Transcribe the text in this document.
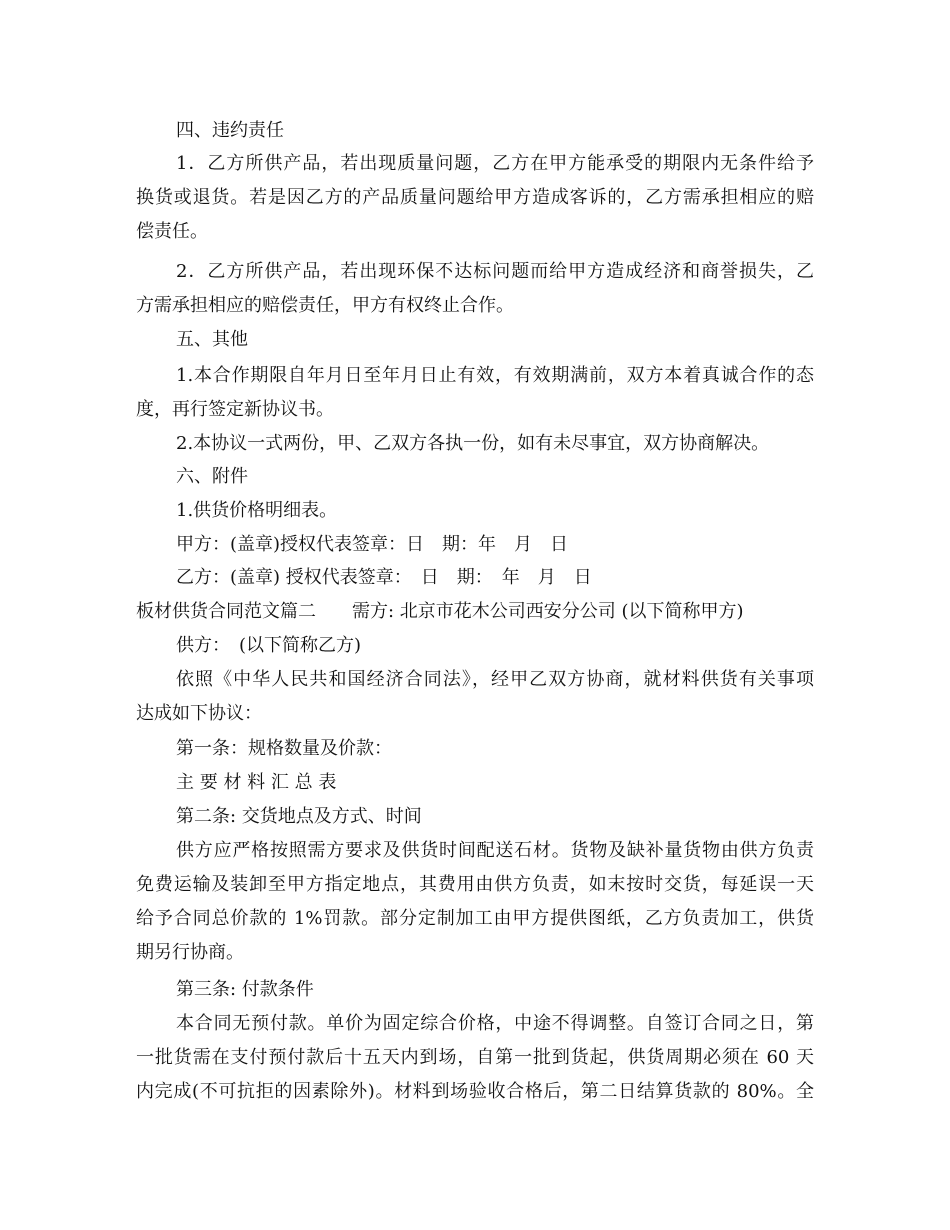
四、违约责任
1．乙方所供产品，若出现质量问题，乙方在甲方能承受的期限内无条件给予
换货或退货。若是因乙方的产品质量问题给甲方造成客诉的，乙方需承担相应的赔
偿责任。
2．乙方所供产品，若出现环保不达标问题而给甲方造成经济和商誉损失，乙
方需承担相应的赔偿责任，甲方有权终止合作。
五、其他
1.本合作期限自年月日至年月日止有效，有效期满前，双方本着真诚合作的态
度，再行签定新协议书。
2.本协议一式两份，甲、乙双方各执一份，如有未尽事宜，双方协商解决。
六、附件
1.供货价格明细表。
甲方：(盖章)授权代表签章：日　期：年　月　日
乙方：(盖章) 授权代表签章：　日　期：　年　月　日
板材供货合同范文篇二　　需方: 北京市花木公司西安分公司 (以下简称甲方)
供方：　(以下简称乙方)
依照《中华人民共和国经济合同法》，经甲乙双方协商，就材料供货有关事项
达成如下协议：
第一条：规格数量及价款：
主 要 材 料 汇 总 表
第二条: 交货地点及方式、时间
供方应严格按照需方要求及供货时间配送石材。货物及缺补量货物由供方负责
免费运输及装卸至甲方指定地点，其费用由供方负责，如末按时交货，每延误一天
给予合同总价款的 1%罚款。部分定制加工由甲方提供图纸，乙方负责加工，供货
期另行协商。
第三条: 付款条件
本合同无预付款。单价为固定综合价格，中途不得调整。自签订合同之日，第
一批货需在支付预付款后十五天内到场，自第一批到货起，供货周期必须在 60 天
内完成(不可抗拒的因素除外)。材料到场验收合格后，第二日结算货款的 80%。全
